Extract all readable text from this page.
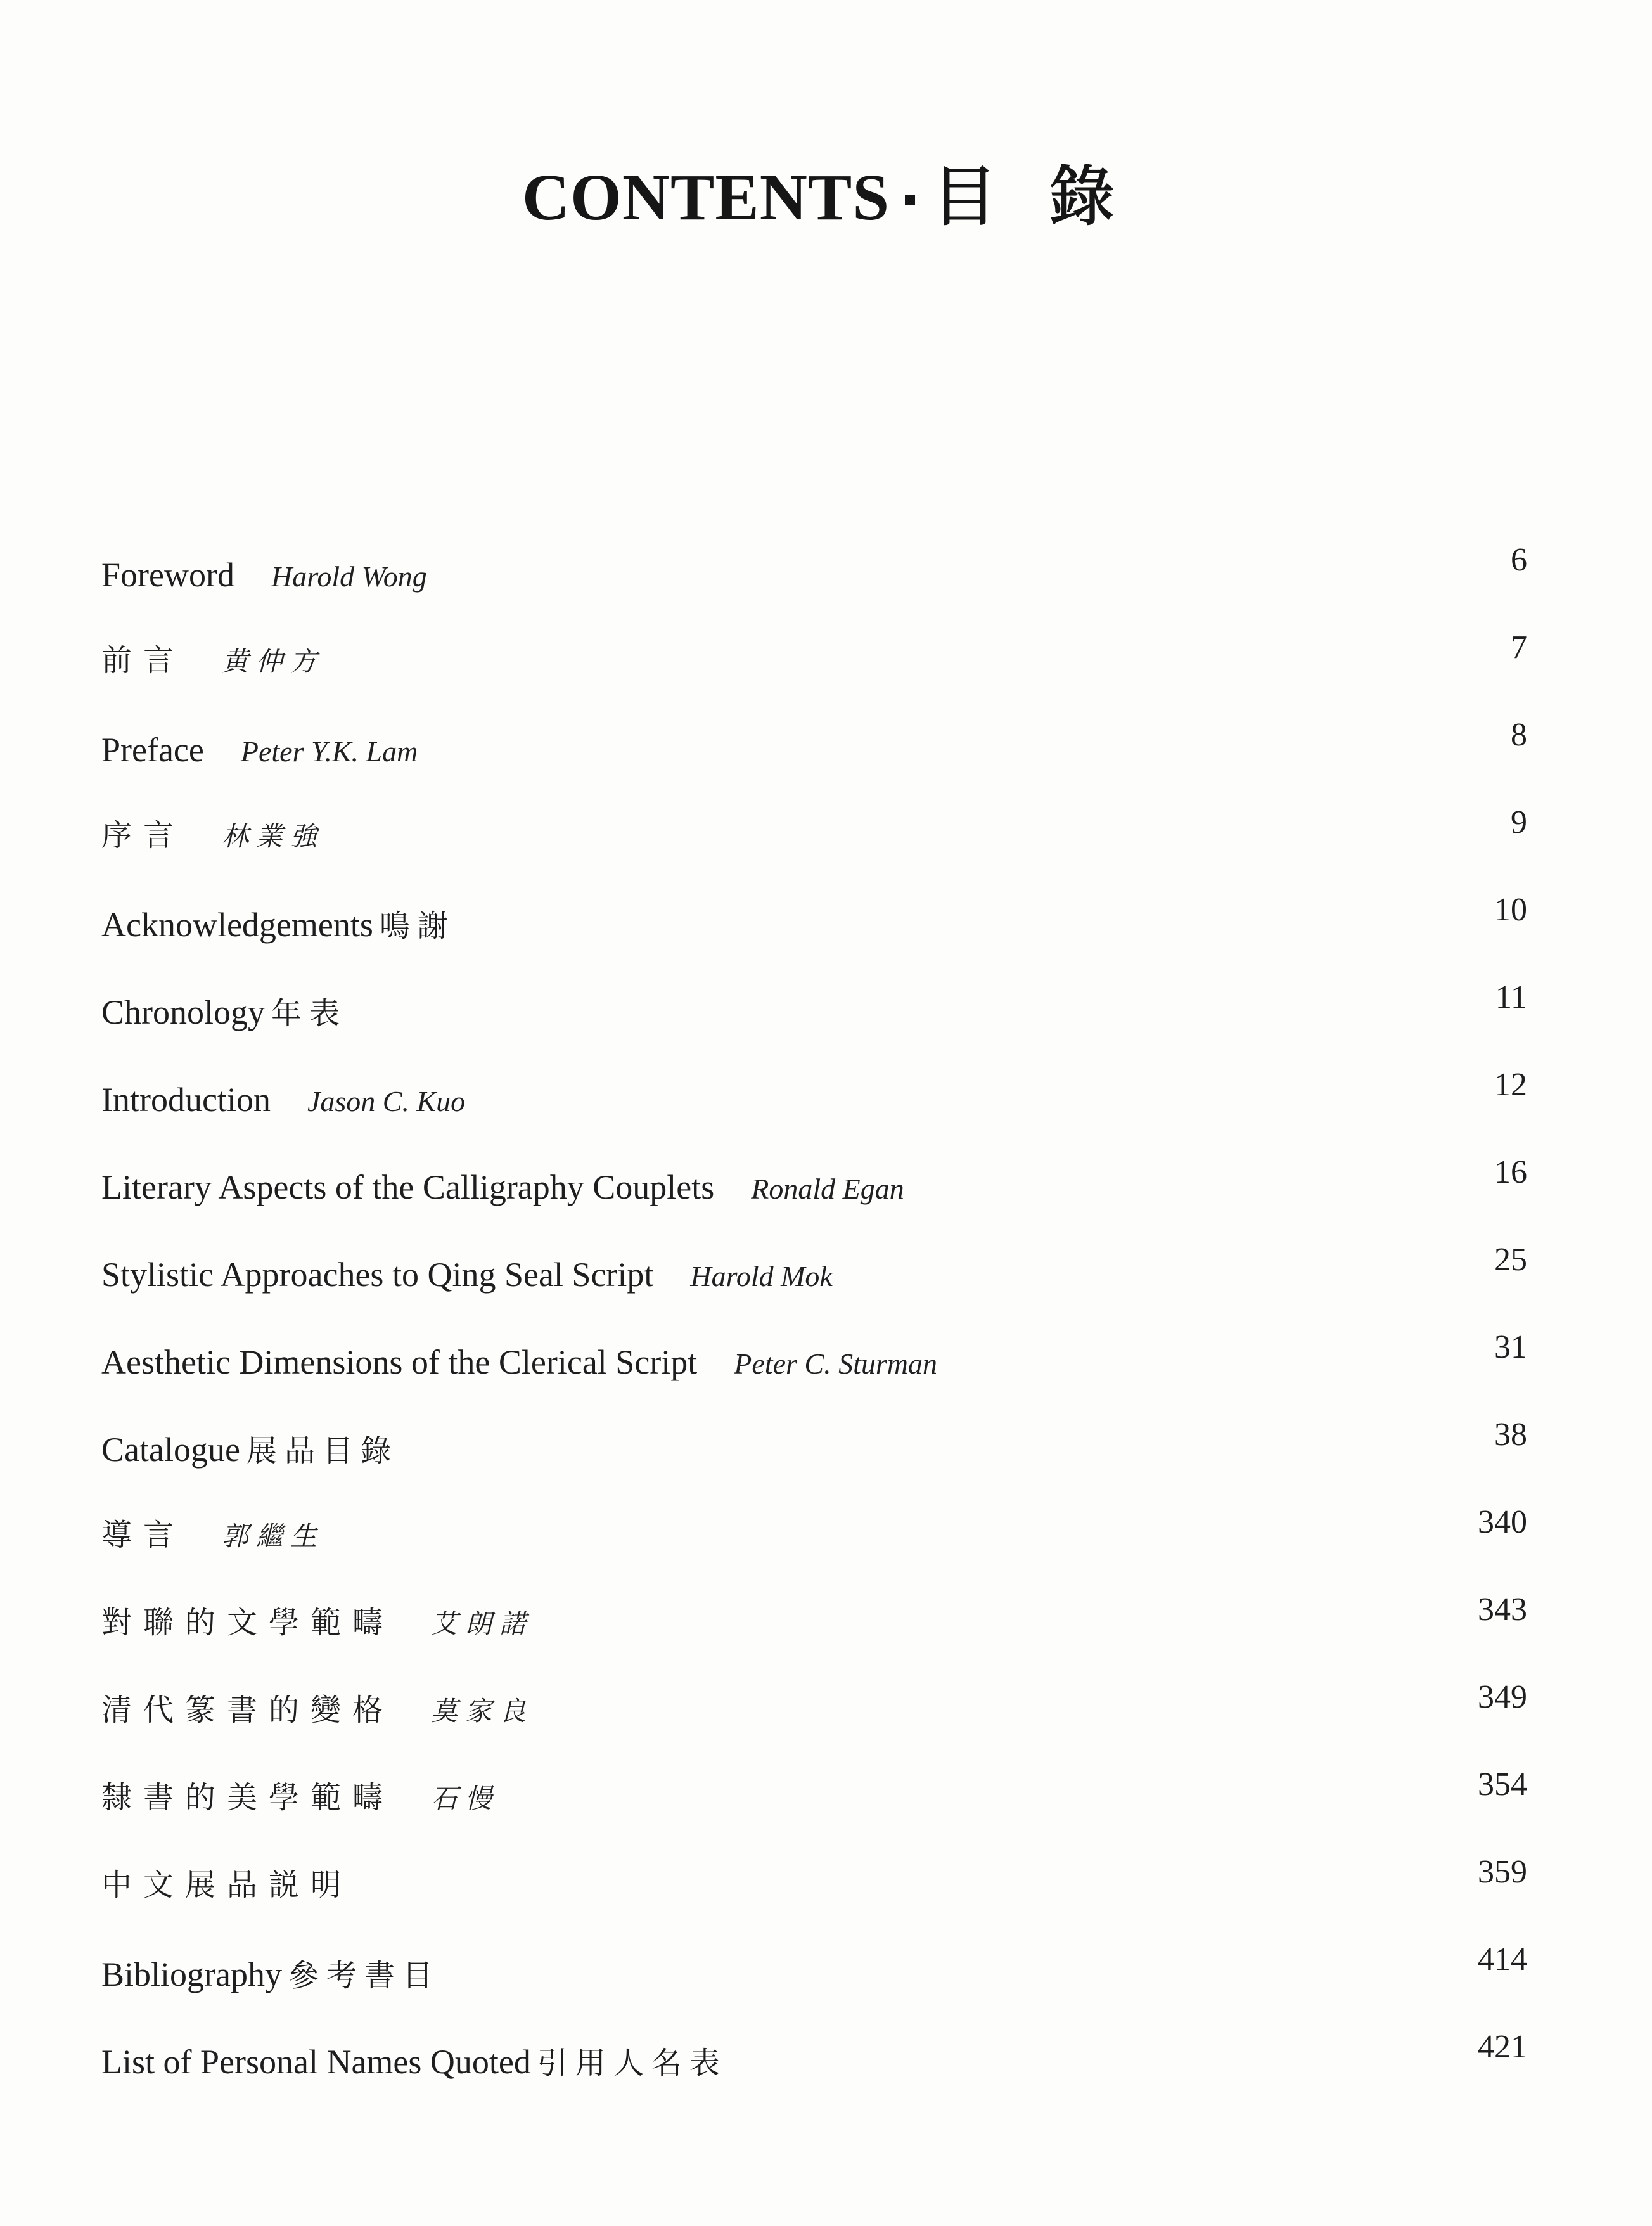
CONTENTS 目 錄
Foreword Harold Wong	6
前言 黄仲方	7
Preface Peter Y.K. Lam	8
序言 林業強	9
Acknowledgements 鳴謝	10
Chronology 年表	11
Introduction Jason C. Kuo	12
Literary Aspects of the Calligraphy Couplets Ronald Egan	16
Stylistic Approaches to Qing Seal Script Harold Mok	25
Aesthetic Dimensions of the Clerical Script Peter C. Sturman	31
Catalogue 展品目錄	38
導言 郭繼生	340
對聯的文學範疇 艾朗諾	343
清代篆書的變格 莫家良	349
隸書的美學範疇 石慢	354
中文展品説明	359
Bibliography 參考書目	414
List of Personal Names Quoted 引用人名表	421
